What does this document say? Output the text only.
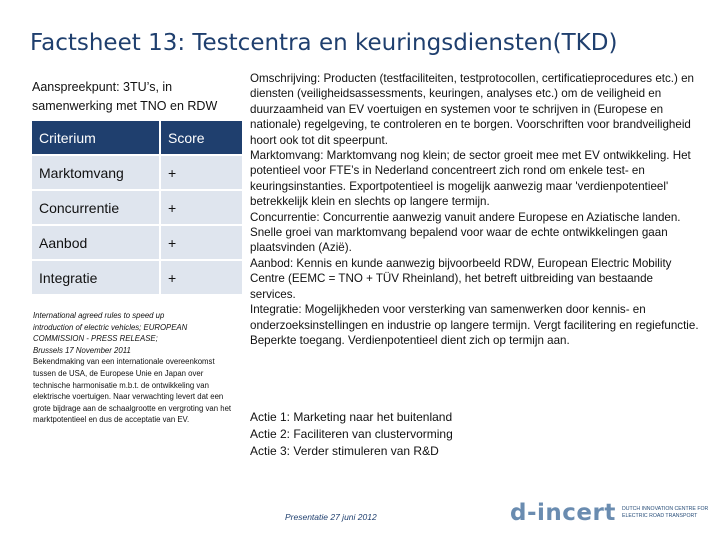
Factsheet 13: Testcentra en keuringsdiensten(TKD)
Aanspreekpunt: 3TU’s, in samenwerking met TNO en RDW
Criterium	Score
Marktomvang	+
Concurrentie	+
Aanbod	+
Integratie	+
International agreed rules to speed up
introduction of electric vehicles; EUROPEAN
COMMISSION - PRESS RELEASE;
Brussels 17 November 2011
Bekendmaking van een internationale overeenkomst tussen de USA, de Europese Unie en Japan over technische harmonisatie m.b.t. de ontwikkeling van elektrische voertuigen. Naar verwachting levert dat een grote bijdrage aan de schaalgrootte en vergroting van het marktpotentieel en dus de acceptatie van EV.

Omschrijving: Producten (testfaciliteiten, testprotocollen, certificatieprocedures etc.) en diensten (veiligheidsassessments, keuringen, analyses etc.) om de veiligheid en duurzaamheid van EV voertuigen en systemen voor te schrijven in (Europese en nationale) regelgeving, te controleren en te borgen. Voorschriften voor brandveiligheid hoort ook tot dit speerpunt.

Marktomvang: Marktomvang nog klein; de sector groeit mee met EV ontwikkeling. Het potentieel voor FTE’s in Nederland concentreert zich rond om enkele test- en keuringsinstanties. Exportpotentieel is mogelijk aanwezig maar 'verdienpotentieel' betrekkelijk klein en slechts op langere termijn.

Concurrentie: Concurrentie aanwezig vanuit andere Europese en Aziatische landen. Snelle groei van marktomvang bepalend voor waar de echte ontwikkelingen gaan plaatsvinden (Azië).

Aanbod: Kennis en kunde aanwezig bijvoorbeeld RDW, European Electric Mobility Centre (EEMC = TNO + TÜV Rheinland), het betreft uitbreiding van bestaande services.

Integratie: Mogelijkheden voor versterking van samenwerken door kennis- en onderzoeksinstellingen en industrie op langere termijn. Vergt facilitering en regiefunctie. Beperkte toegang. Verdienpotentieel dient zich op termijn aan.

Actie 1: Marketing naar het buitenland
Actie 2: Faciliteren van clustervorming
Actie 3: Verder stimuleren van R&D
Presentatie 27 juni 2012	d-incert DUTCH INNOVATION CENTRE FOR ELECTRIC ROAD TRANSPORT
